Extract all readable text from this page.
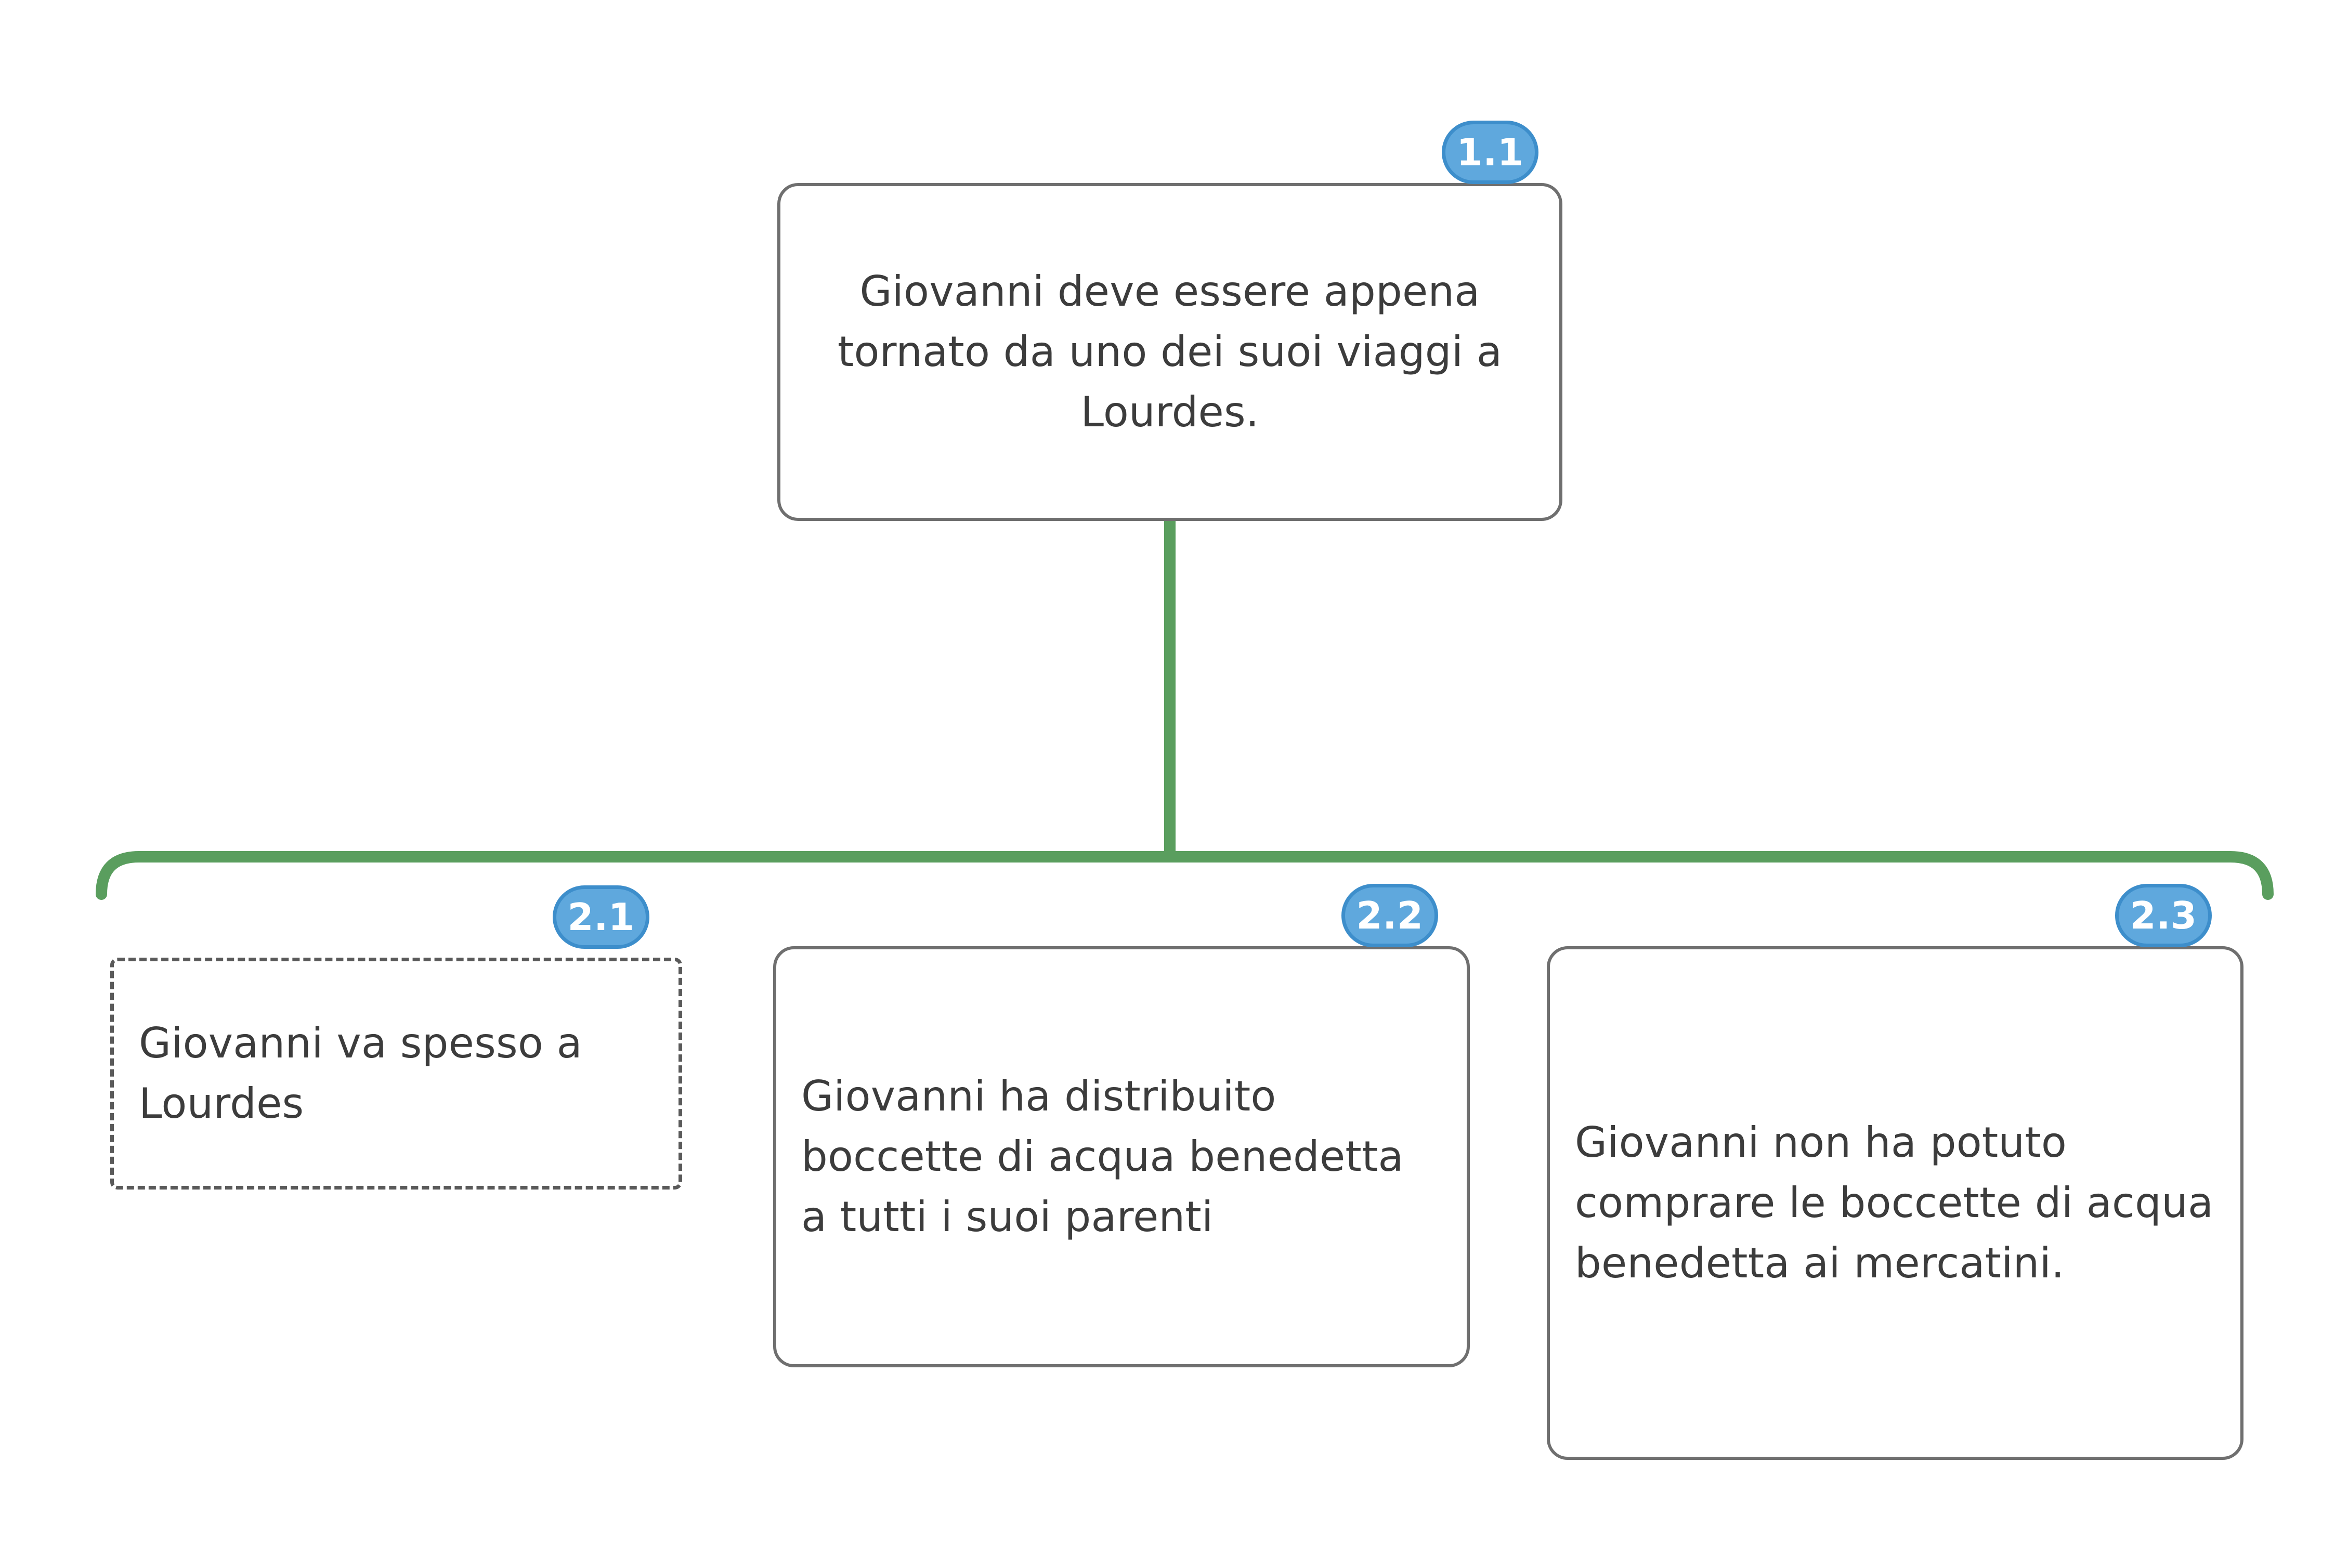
Giovanni deve essere appena tornato da uno dei suoi viaggi a Lourdes.
1.1
Giovanni va spesso a Lourdes
2.1
Giovanni ha distribuito boccette di acqua benedetta a tutti i suoi parenti
2.2
Giovanni non ha potuto comprare le boccette di acqua benedetta ai mercatini.
2.3
